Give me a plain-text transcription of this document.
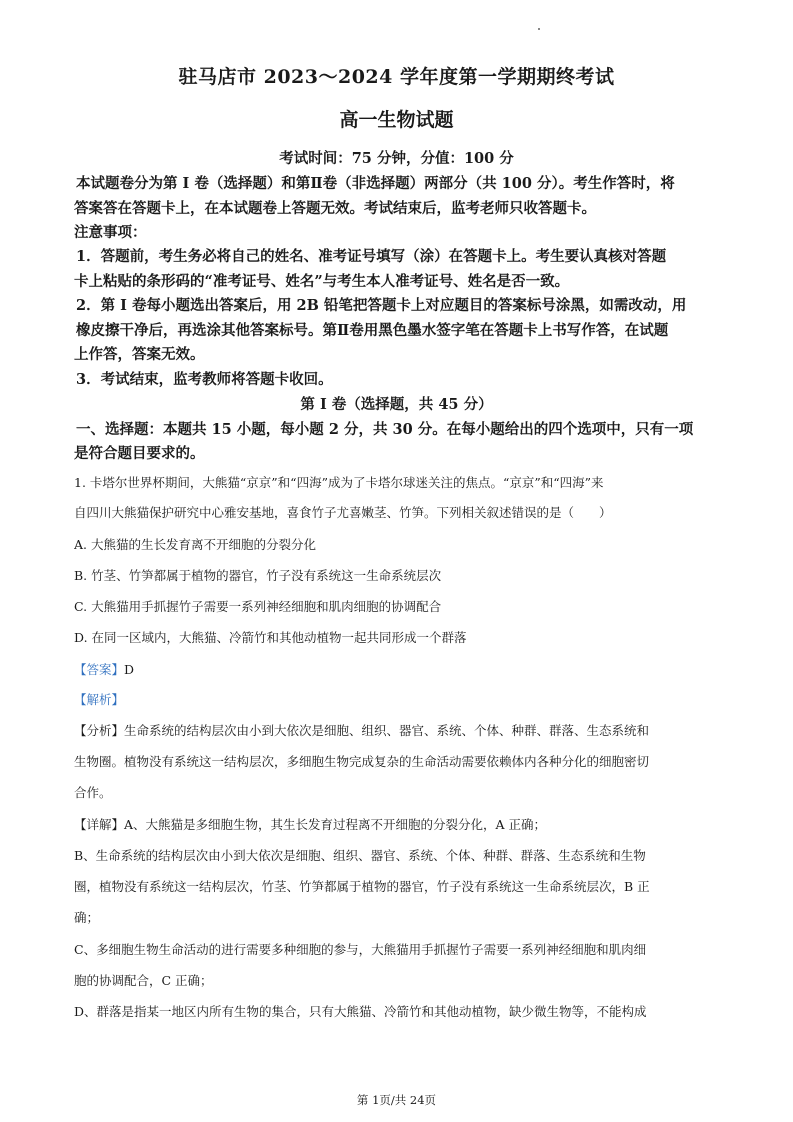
驻马店市 2023～2024 学年度第一学期期终考试
高一生物试题
考试时间：75 分钟，分值：100 分
本试题卷分为第 I 卷（选择题）和第Ⅱ卷（非选择题）两部分（共 100 分）。考生作答时，将
答案答在答题卡上，在本试题卷上答题无效。考试结束后，监考老师只收答题卡。
注意事项：
1．答题前，考生务必将自己的姓名、准考证号填写（涂）在答题卡上。考生要认真核对答题
卡上粘贴的条形码的“准考证号、姓名”与考生本人准考证号、姓名是否一致。
2．第 I 卷每小题选出答案后，用 2B 铅笔把答题卡上对应题目的答案标号涂黑，如需改动，用
橡皮擦干净后，再选涂其他答案标号。第Ⅱ卷用黑色墨水签字笔在答题卡上书写作答，在试题
上作答，答案无效。
3．考试结束，监考教师将答题卡收回。
第 I 卷（选择题，共 45 分）
一、选择题：本题共 15 小题，每小题 2 分，共 30 分。在每小题给出的四个选项中，只有一项
是符合题目要求的。
1. 卡塔尔世界杯期间，大熊猫“京京”和“四海”成为了卡塔尔球迷关注的焦点。“京京”和“四海”来
自四川大熊猫保护研究中心雅安基地，喜食竹子尤喜嫩茎、竹笋。下列相关叙述错误的是（　　）
A. 大熊猫的生长发育离不开细胞的分裂分化
B. 竹茎、竹笋都属于植物的器官，竹子没有系统这一生命系统层次
C. 大熊猫用手抓握竹子需要一系列神经细胞和肌肉细胞的协调配合
D. 在同一区域内，大熊猫、冷箭竹和其他动植物一起共同形成一个群落
【答案】D
【解析】
【分析】生命系统的结构层次由小到大依次是细胞、组织、器官、系统、个体、种群、群落、生态系统和
生物圈。植物没有系统这一结构层次，多细胞生物完成复杂的生命活动需要依赖体内各种分化的细胞密切
合作。
【详解】A、大熊猫是多细胞生物，其生长发育过程离不开细胞的分裂分化，A 正确；
B、生命系统的结构层次由小到大依次是细胞、组织、器官、系统、个体、种群、群落、生态系统和生物
圈，植物没有系统这一结构层次，竹茎、竹笋都属于植物的器官，竹子没有系统这一生命系统层次，B 正
确；
C、多细胞生物生命活动的进行需要多种细胞的参与，大熊猫用手抓握竹子需要一系列神经细胞和肌肉细
胞的协调配合，C 正确；
D、群落是指某一地区内所有生物的集合，只有大熊猫、冷箭竹和其他动植物，缺少微生物等，不能构成
第 1页/共 24页
